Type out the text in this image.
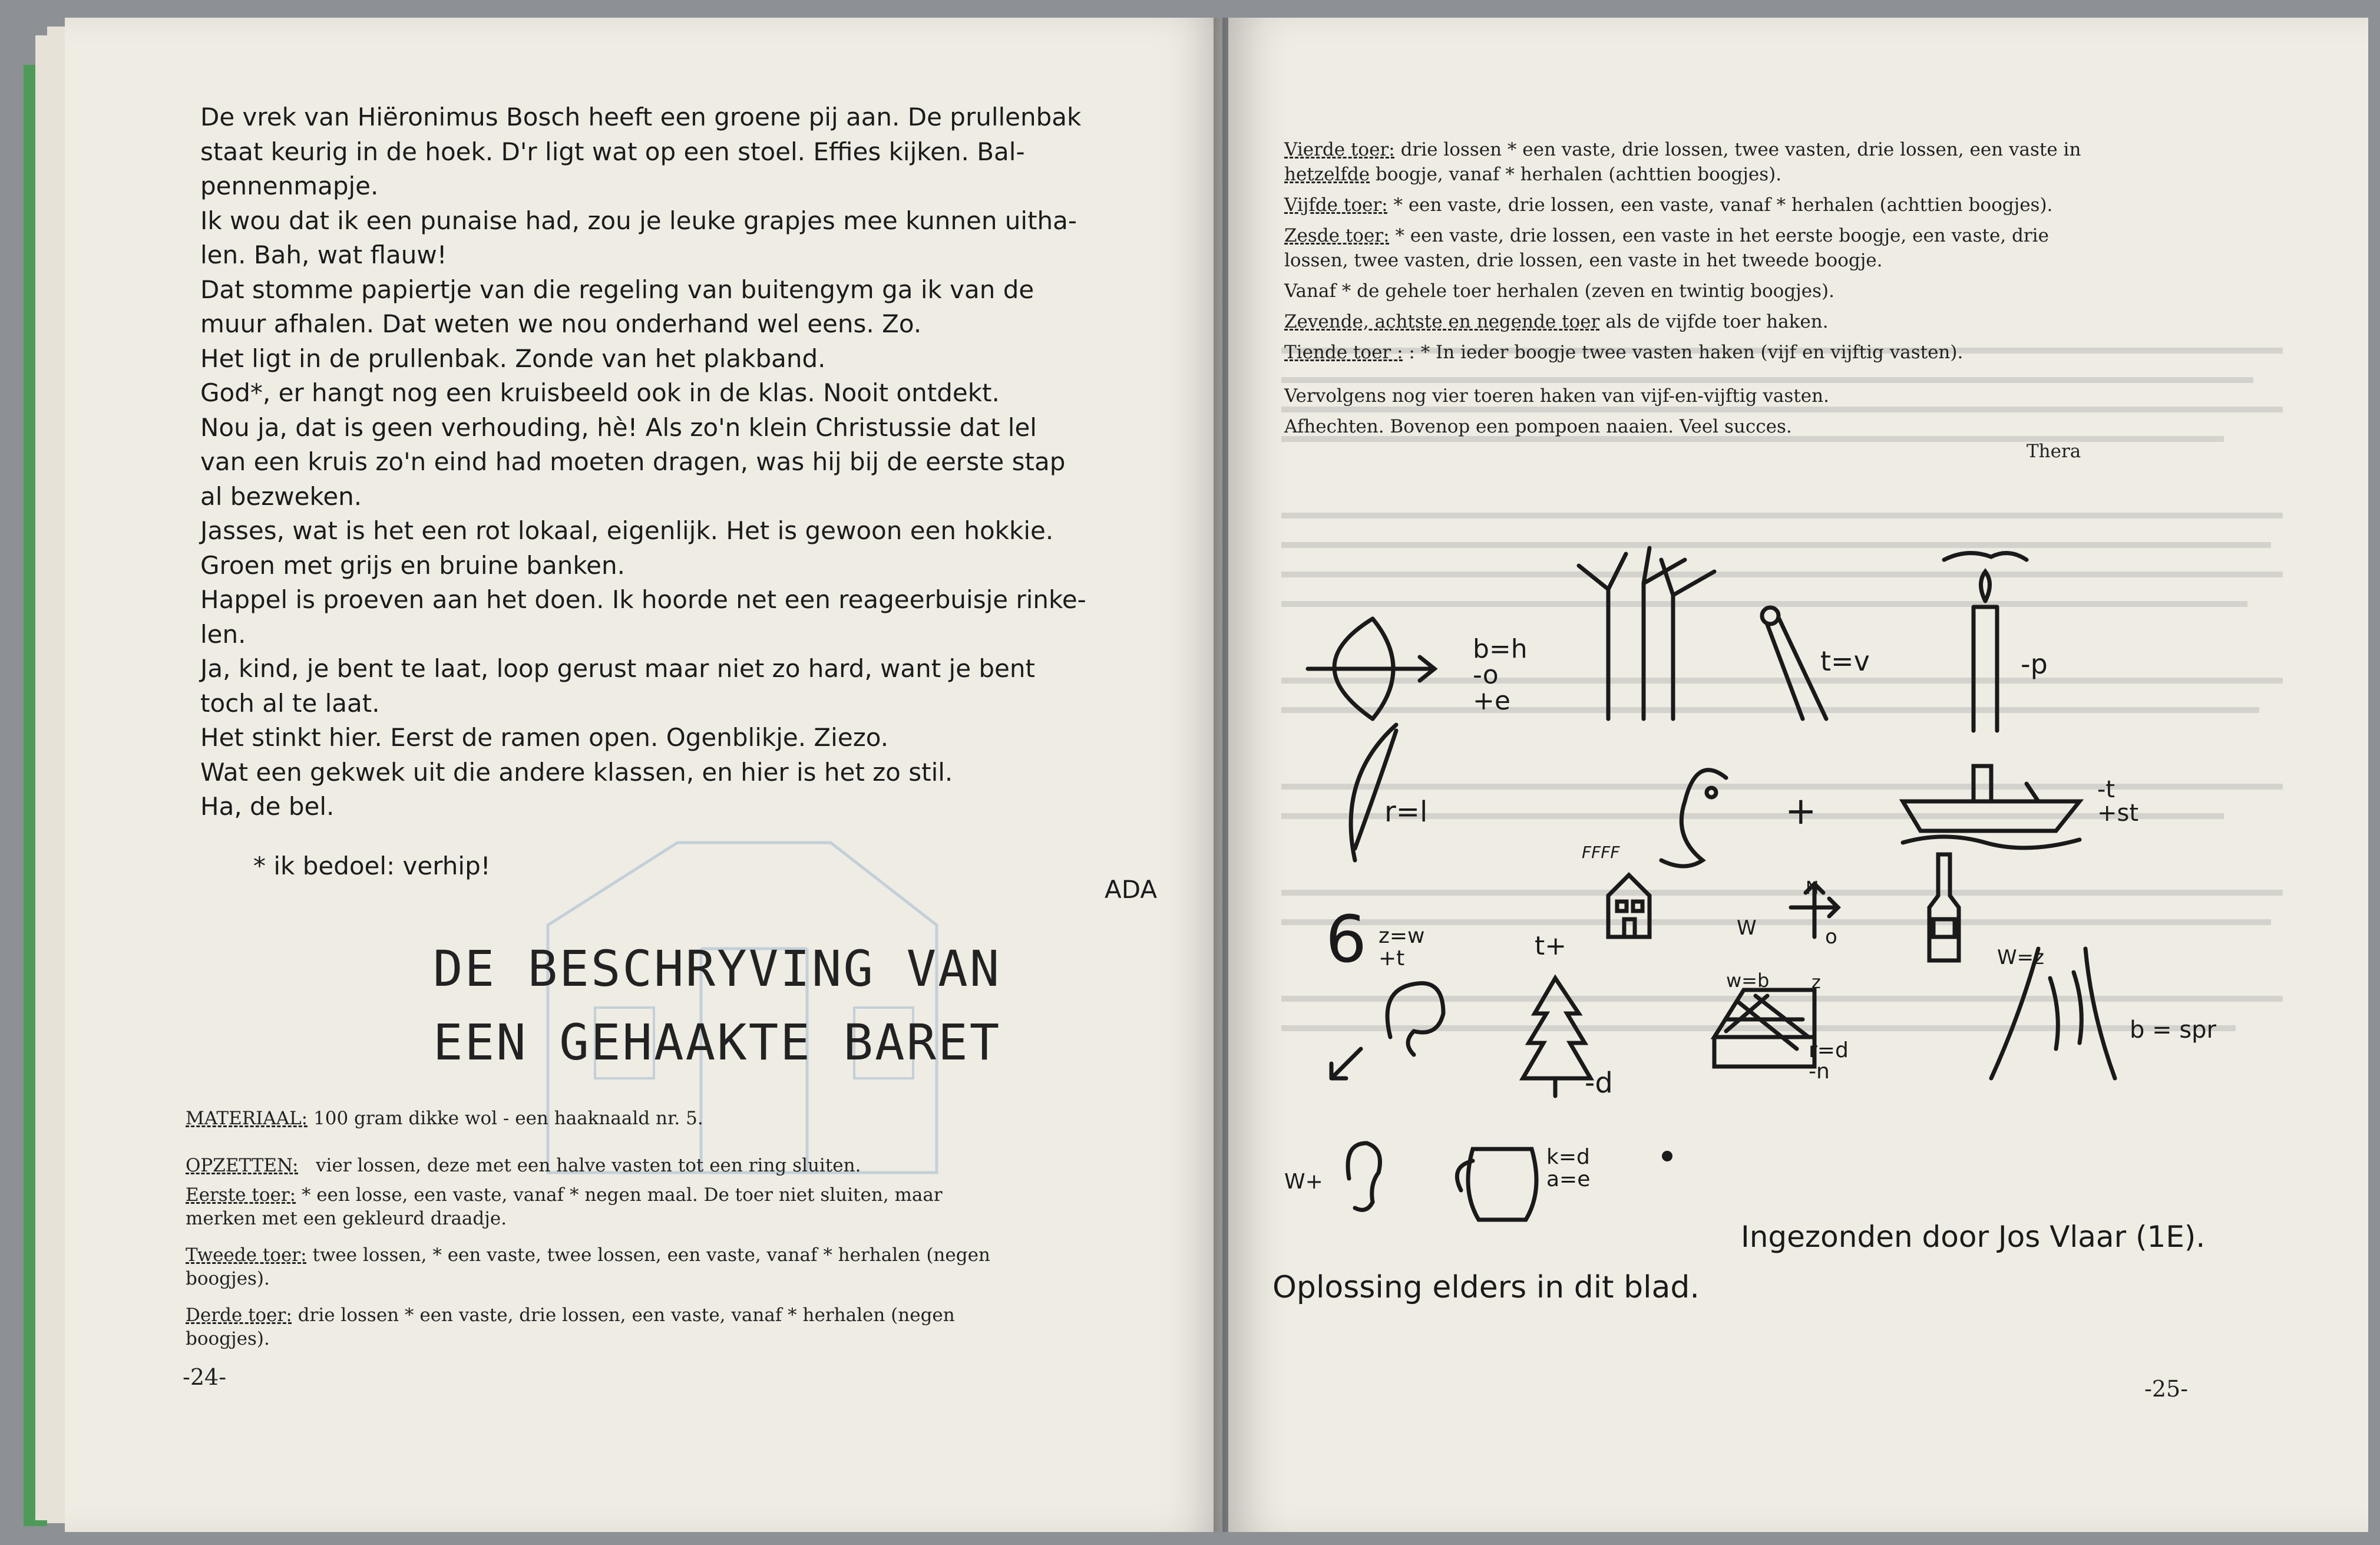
De vrek van Hiëronimus Bosch heeft een groene pij aan. De prullenbak

staat keurig in de hoek. D'r ligt wat op een stoel. Effies kijken. Bal-

pennenmapje.

Ik wou dat ik een punaise had, zou je leuke grapjes mee kunnen uitha-

len. Bah, wat flauw!

Dat stomme papiertje van die regeling van buitengym ga ik van de

muur afhalen. Dat weten we nou onderhand wel eens. Zo.

Het ligt in de prullenbak. Zonde van het plakband.

God*, er hangt nog een kruisbeeld ook in de klas. Nooit ontdekt.

Nou ja, dat is geen verhouding, hè! Als zo'n klein Christussie dat lel

van een kruis zo'n eind had moeten dragen, was hij bij de eerste stap

al bezweken.

Jasses, wat is het een rot lokaal, eigenlijk. Het is gewoon een hokkie.

Groen met grijs en bruine banken.

Happel is proeven aan het doen. Ik hoorde net een reageerbuisje rinke-

len.

Ja, kind, je bent te laat, loop gerust maar niet zo hard, want je bent

toch al te laat.

Het stinkt hier. Eerst de ramen open. Ogenblikje. Ziezo.

Wat een gekwek uit die andere klassen, en hier is het zo stil.

Ha, de bel.

* ik bedoel: verhip!
ADA
DE BESCHRYVING VAN
EEN GEHAAKTE BARET
MATERIAAL: 100 gram dikke wol - een haaknaald nr. 5.
OPZETTEN: vier lossen, deze met een halve vasten tot een ring sluiten.
Eerste toer: * een losse, een vaste, vanaf * negen maal. De toer niet sluiten, maar
merken met een gekleurd draadje.
Tweede toer: twee lossen, * een vaste, twee lossen, een vaste, vanaf * herhalen (negen
boogjes).
Derde toer: drie lossen * een vaste, drie lossen, een vaste, vanaf * herhalen (negen
boogjes).
-24-

Vierde toer: drie lossen * een vaste, drie lossen, twee vasten, drie lossen, een vaste in

hetzelfde boogje, vanaf * herhalen (achttien boogjes).

Vijfde toer: * een vaste, drie lossen, een vaste, vanaf * herhalen (achttien boogjes).

Zesde toer: * een vaste, drie lossen, een vaste in het eerste boogje, een vaste, drie

lossen, twee vasten, drie lossen, een vaste in het tweede boogje.

Vanaf * de gehele toer herhalen (zeven en twintig boogjes).

Zevende, achtste en negende toer als de vijfde toer haken.

Tiende toer : : * In ieder boogje twee vasten haken (vijf en vijftig vasten).

Vervolgens nog vier toeren haken van vijf-en-vijftig vasten.

Afhechten. Bovenop een pompoen naaien. Veel succes.

Thera
b=h
-o
+e
t=v	-p
r=l	+	-t
+st
FFFF
6 z=w
+t	t+
W	o
N
z
w=b
W=z
b = spr
-d
r=d
-n
W+
k=d
a=e
Ingezonden door Jos Vlaar (1E).
Oplossing elders in dit blad.
-25-
